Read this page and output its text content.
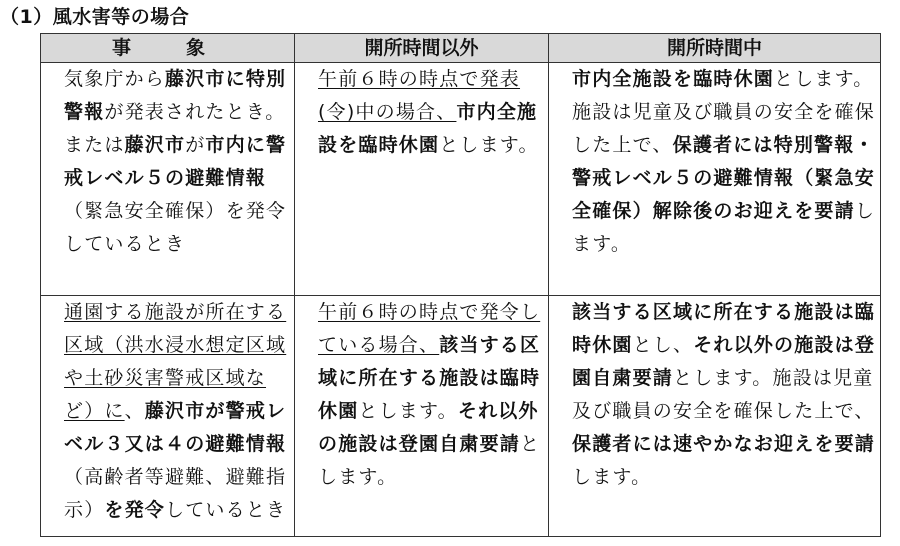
（1）風水害等の場合
事　象	開所時間以外	開所時間中

気象庁から藤沢市に特別警報が発表されたとき。または藤沢市が市内に警戒レベル５の避難情報（緊急安全確保）を発令しているとき	午前６時の時点で発表(令)中の場合、市内全施設を臨時休園とします。	市内全施設を臨時休園とします。
施設は児童及び職員の安全を確保した上で、保護者には特別警報・警戒レベル５の避難情報（緊急安全確保）解除後のお迎えを要請します。

通園する施設が所在する区域（洪水浸水想定区域や土砂災害警戒区域など）に、藤沢市が警戒レベル３又は４の避難情報（高齢者等避難、避難指示）を発令しているとき	午前６時の時点で発令している場合、該当する区域に所在する施設は臨時休園とします。それ以外の施設は登園自粛要請とします。	該当する区域に所在する施設は臨時休園とし、それ以外の施設は登園自粛要請とします。施設は児童及び職員の安全を確保した上で、保護者には速やかなお迎えを要請します。
